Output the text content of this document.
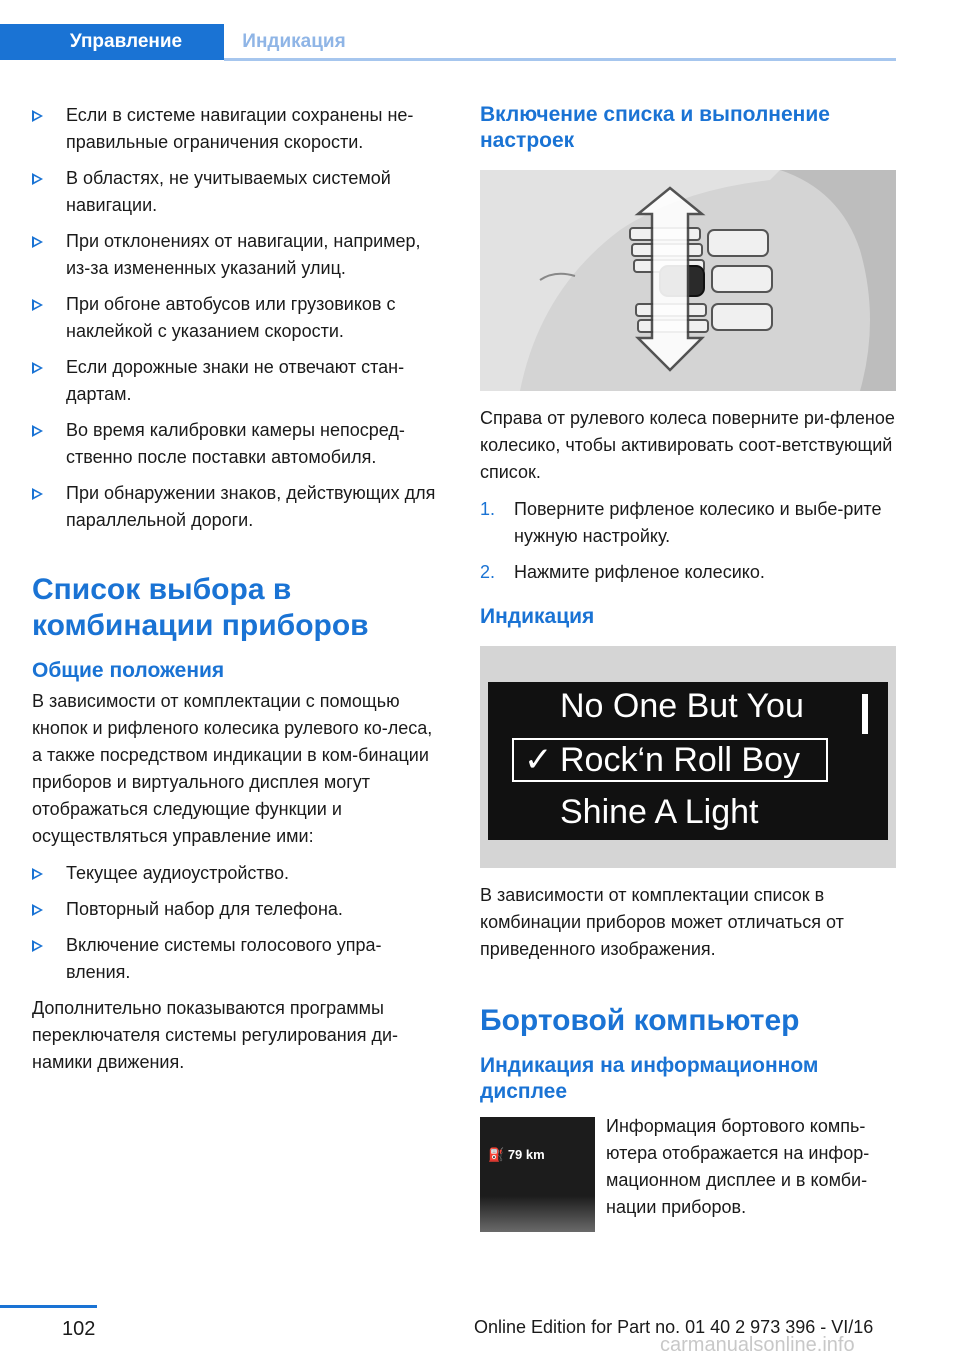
Управление	Индикация
Если в системе навигации сохранены не-правильные ограничения скорости.
В областях, не учитываемых системой навигации.
При отклонениях от навигации, например, из-за измененных указаний улиц.
При обгоне автобусов или грузовиков с наклейкой с указанием скорости.
Если дорожные знаки не отвечают стан-дартам.
Во время калибровки камеры непосред-ственно после поставки автомобиля.
При обнаружении знаков, действующих для параллельной дороги.
Список выбора в комбинации приборов
Общие положения

В зависимости от комплектации с помощью кнопок и рифленого колесика рулевого ко-леса, а также посредством индикации в ком-бинации приборов и виртуального дисплея могут отображаться следующие функции и осуществляться управление ими:

Текущее аудиоустройство.
Повторный набор для телефона.
Включение системы голосового упра-вления.

Дополнительно показываются программы переключателя системы регулирования ди-намики движения.

Включение списка и выполнение настроек

Справа от рулевого колеса поверните ри-фленое колесико, чтобы активировать соот-ветствующий список.

1. Поверните рифленое колесико и выбе-рите нужную настройку.
2. Нажмите рифленое колесико.
Индикация
No One But You
✓ Rock‘n Roll Boy
Shine A Light

В зависимости от комплектации список в комбинации приборов может отличаться от приведенного изображения.

Бортовой компьютер
Индикация на информационном дисплее
⛽ 79 km
Информация бортового компь-ютера отображается на инфор-мационном дисплее и в комби-нации приборов.
102	Online Edition for Part no. 01 40 2 973 396 - VI/16
carmanualsonline.info
